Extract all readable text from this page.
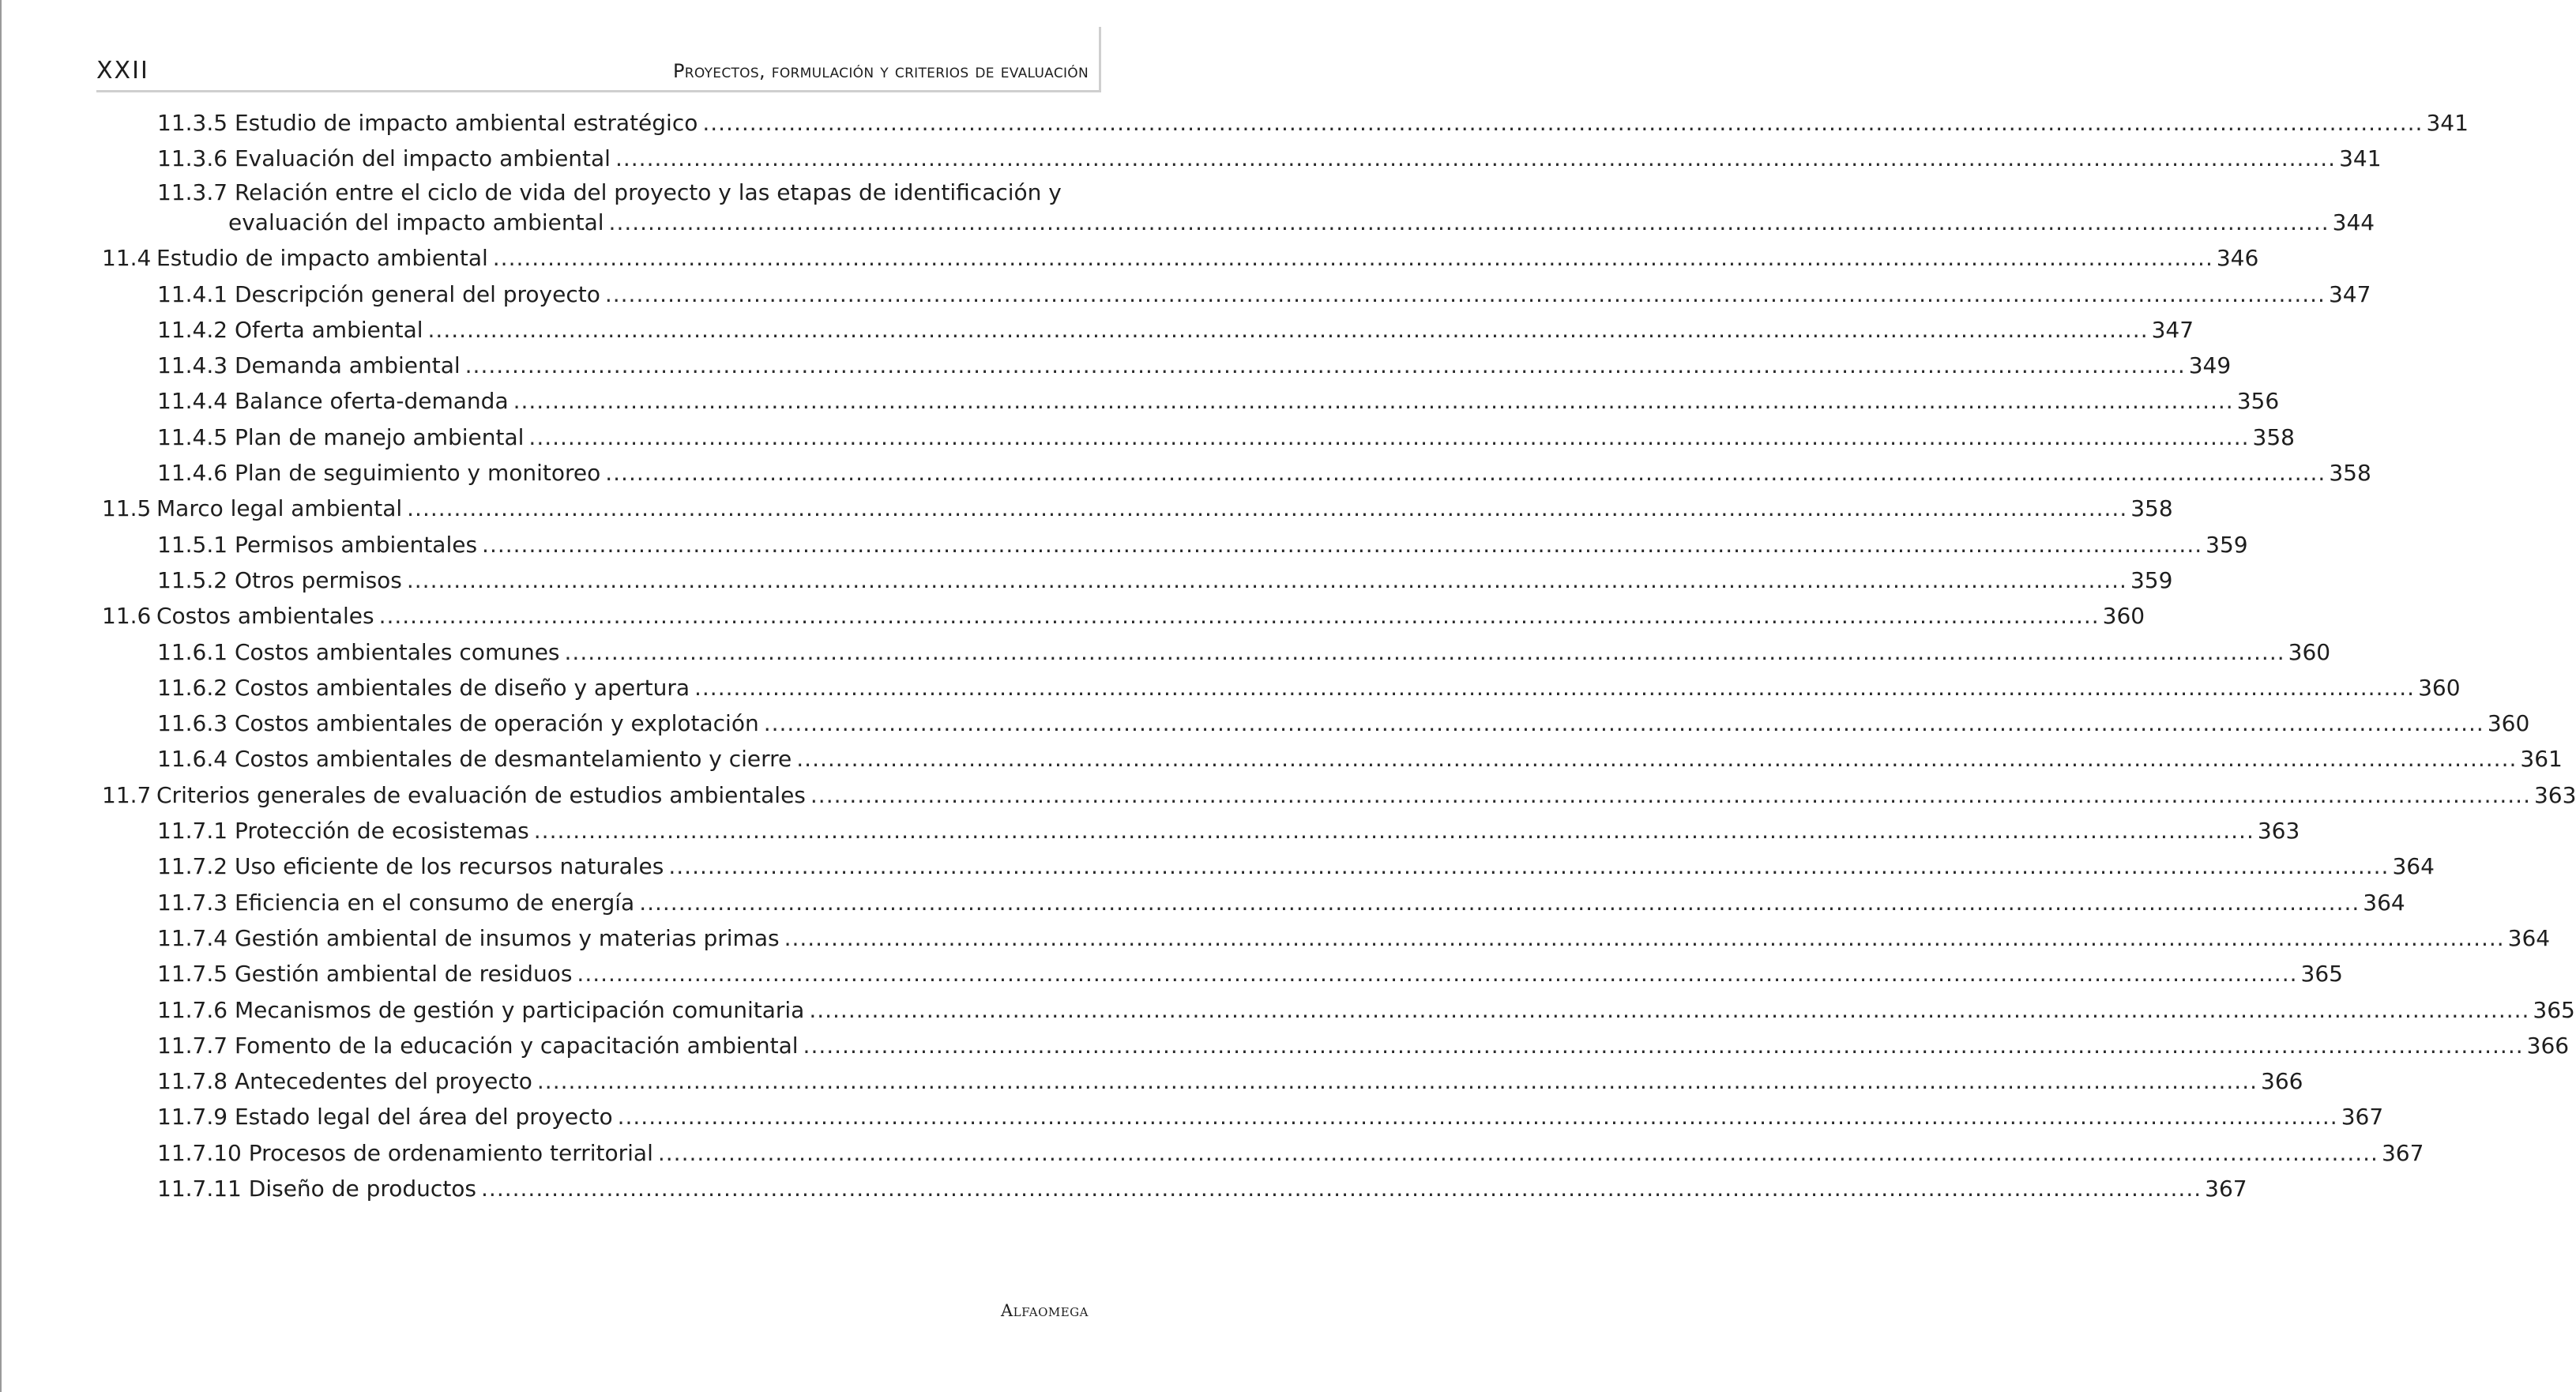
XXII	Proyectos, formulación y criterios de evaluación
11.3.5 Estudio de impacto ambiental estratégico ............................................................................................................................................................................................................................ 341
11.3.6 Evaluación del impacto ambiental ............................................................................................................................................................................................................................ 341
11.3.7 Relación entre el ciclo de vida del proyecto y las etapas de identificación y
evaluación del impacto ambiental ............................................................................................................................................................................................................................ 344
11.4 Estudio de impacto ambiental ............................................................................................................................................................................................................................ 346
11.4.1 Descripción general del proyecto ............................................................................................................................................................................................................................ 347
11.4.2 Oferta ambiental ............................................................................................................................................................................................................................ 347
11.4.3 Demanda ambiental ............................................................................................................................................................................................................................ 349
11.4.4 Balance oferta-demanda ............................................................................................................................................................................................................................ 356
11.4.5 Plan de manejo ambiental ............................................................................................................................................................................................................................ 358
11.4.6 Plan de seguimiento y monitoreo ............................................................................................................................................................................................................................ 358
11.5 Marco legal ambiental ............................................................................................................................................................................................................................ 358
11.5.1 Permisos ambientales ............................................................................................................................................................................................................................ 359
11.5.2 Otros permisos ............................................................................................................................................................................................................................ 359
11.6 Costos ambientales ............................................................................................................................................................................................................................ 360
11.6.1 Costos ambientales comunes ............................................................................................................................................................................................................................ 360
11.6.2 Costos ambientales de diseño y apertura ............................................................................................................................................................................................................................ 360
11.6.3 Costos ambientales de operación y explotación ............................................................................................................................................................................................................................ 360
11.6.4 Costos ambientales de desmantelamiento y cierre ............................................................................................................................................................................................................................ 361
11.7 Criterios generales de evaluación de estudios ambientales ............................................................................................................................................................................................................................ 363
11.7.1 Protección de ecosistemas ............................................................................................................................................................................................................................ 363
11.7.2 Uso eficiente de los recursos naturales ............................................................................................................................................................................................................................ 364
11.7.3 Eficiencia en el consumo de energía ............................................................................................................................................................................................................................ 364
11.7.4 Gestión ambiental de insumos y materias primas ............................................................................................................................................................................................................................ 364
11.7.5 Gestión ambiental de residuos ............................................................................................................................................................................................................................ 365
11.7.6 Mecanismos de gestión y participación comunitaria ............................................................................................................................................................................................................................ 365
11.7.7 Fomento de la educación y capacitación ambiental ............................................................................................................................................................................................................................ 366
11.7.8 Antecedentes del proyecto ............................................................................................................................................................................................................................ 366
11.7.9 Estado legal del área del proyecto ............................................................................................................................................................................................................................ 367
11.7.10 Procesos de ordenamiento territorial ............................................................................................................................................................................................................................ 367
11.7.11 Diseño de productos ............................................................................................................................................................................................................................ 367
Alfaomega
